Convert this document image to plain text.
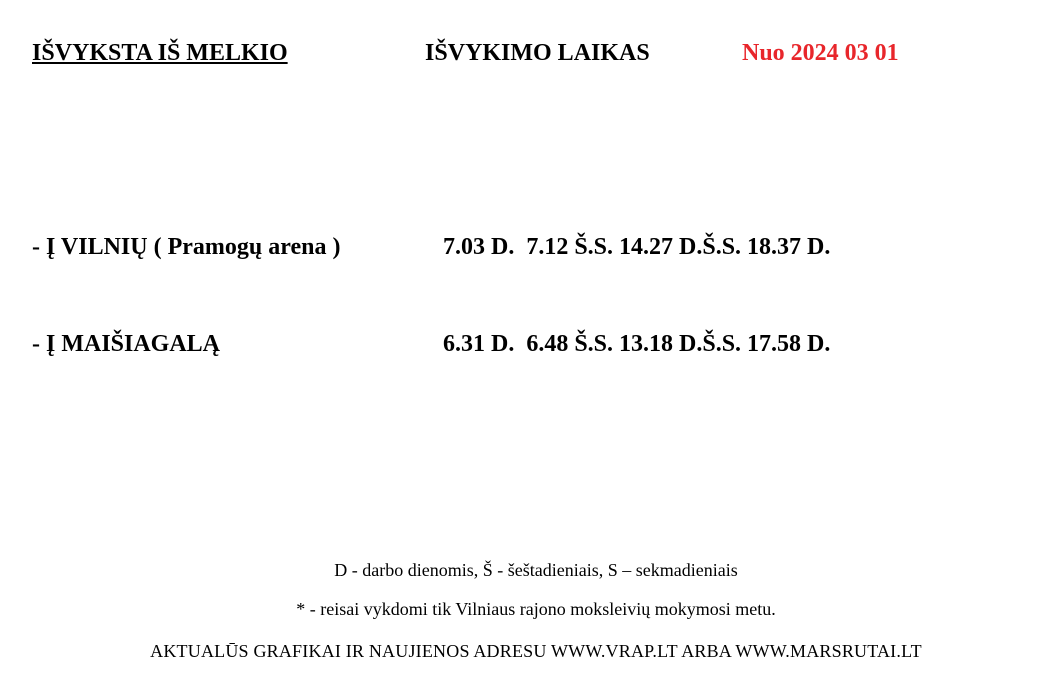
IŠVYKSTA IŠ MELKIO	IŠVYKIMO LAIKAS	Nuo 2024 03 01
- Į VILNIŲ ( Pramogų arena )	7.03 D.  7.12 Š.S. 14.27 D.Š.S. 18.37 D.
- Į MAIŠIAGALĄ	6.31 D.  6.48 Š.S. 13.18 D.Š.S. 17.58 D.
D - darbo dienomis, Š - šeštadieniais, S – sekmadieniais
* - reisai vykdomi tik Vilniaus rajono moksleivių mokymosi metu.
AKTUALŪS GRAFIKAI IR NAUJIENOS ADRESU WWW.VRAP.LT ARBA WWW.MARSRUTAI.LT
